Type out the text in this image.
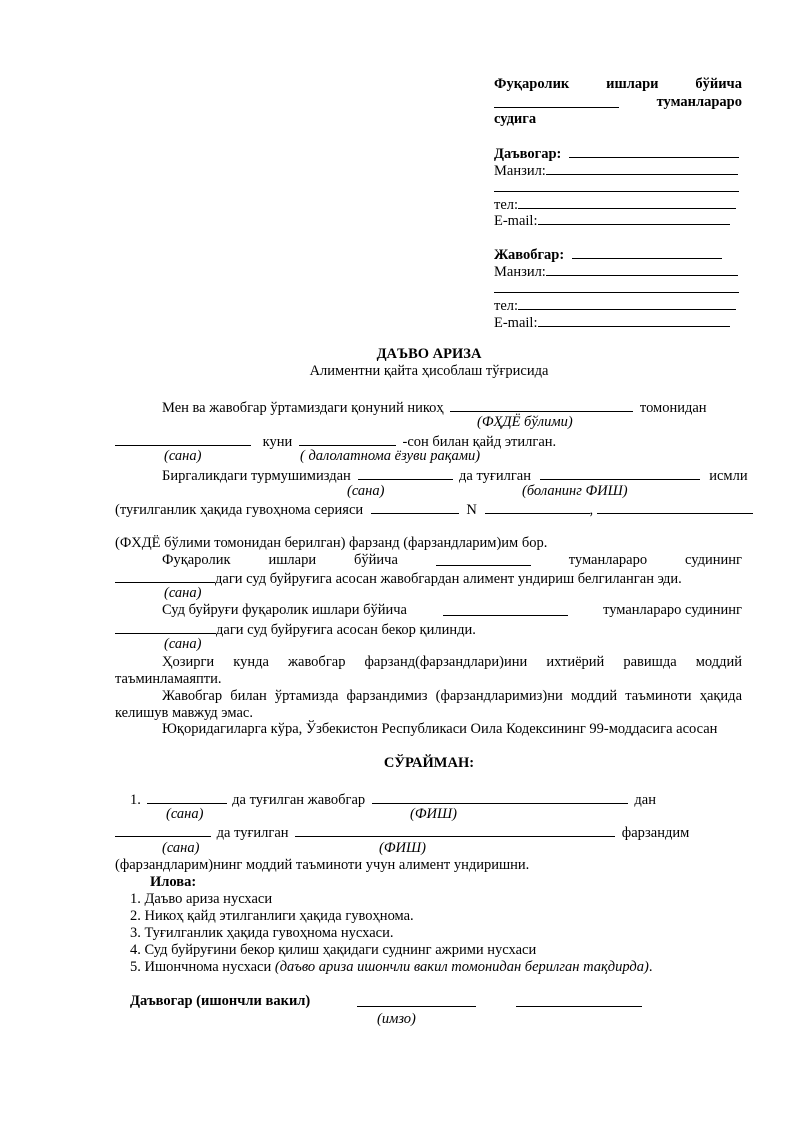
Фуқаролик	ишлари	бўйича
туманлараро
судига
Даъвогар:
Манзил:
тел:
E-mail:
Жавобгар:
Манзил:
тел:
E-mail:
ДАЪВО АРИЗА
Алиментни қайта ҳисоблаш тўғрисида
Мен ва жавобгар ўртамиздаги қонуний никоҳ	томонидан
(ФҲДЁ бўлими)
куни	-сон билан қайд этилган.
(сана)	( далолатнома ёзуви рақами)
Биргаликдаги турмушимиздан	да туғилган	исмли
(сана)	(боланинг ФИШ)
(туғилганлик ҳақида гувоҳнома серияси	N	,
(ФХДЁ бўлими томонидан берилган) фарзанд (фарзандларим)им бор.
Фуқаролик	ишлари	бўйича	туманлараро	судининг
даги суд буйруғига асосан жавобгардан алимент ундириш белгиланган эди.
(сана)
Суд буйруғи фуқаролик ишлари бўйича	туманлараро судининг
даги суд буйруғига асосан бекор қилинди.
(сана)
Ҳозирги кунда жавобгар фарзанд(фарзандлари)ини ихтиёрий равишда моддий
таъминламаяпти.
Жавобгар билан ўртамизда фарзандимиз (фарзандларимиз)ни моддий таъминоти ҳақида
келишув мавжуд эмас.
Юқоридагиларга кўра, Ўзбекистон Республикаси Оила Кодексининг 99-моддасига асосан
СЎРАЙМАН:
1.	да туғилган жавобгар	дан
(сана)	(ФИШ)
да туғилган	фарзандим
(сана)	(ФИШ)
(фарзандларим)нинг моддий таъминоти учун алимент ундиришни.
Илова:
1. Даъво ариза нусхаси
2. Никоҳ қайд этилганлиги ҳақида гувоҳнома.
3. Туғилганлик ҳақида гувоҳнома нусхаси.
4. Суд буйруғини бекор қилиш ҳақидаги суднинг ажрими нусхаси
5. Ишончнома нусхаси (даъво ариза ишончли вакил томонидан берилган тақдирда).
Даъвогар (ишончли вакил)
(имзо)
